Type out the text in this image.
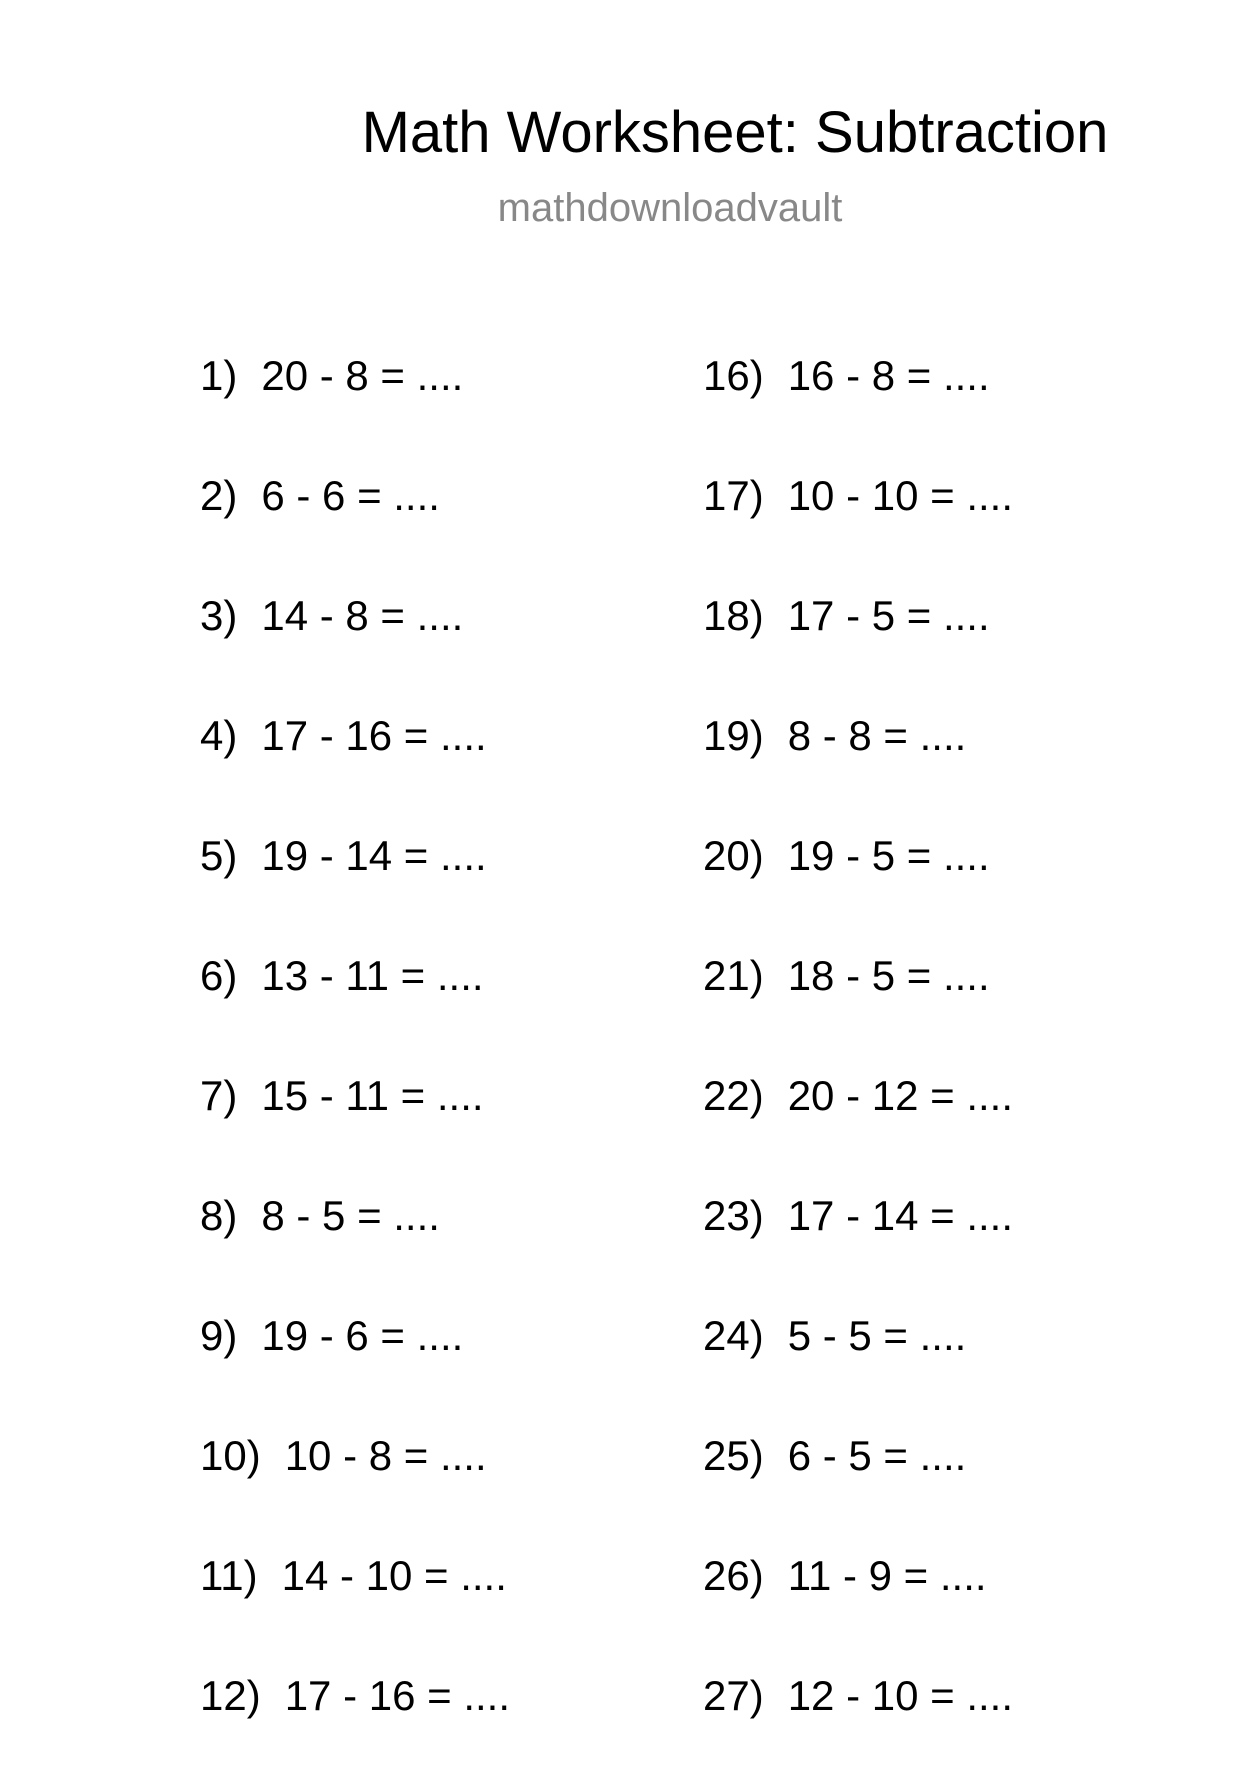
Math Worksheet: Subtraction
mathdownloadvault
1) 20 - 8 = ....
2) 6 - 6 = ....
3) 14 - 8 = ....
4) 17 - 16 = ....
5) 19 - 14 = ....
6) 13 - 11 = ....
7) 15 - 11 = ....
8) 8 - 5 = ....
9) 19 - 6 = ....
10) 10 - 8 = ....
11) 14 - 10 = ....
12) 17 - 16 = ....
16) 16 - 8 = ....
17) 10 - 10 = ....
18) 17 - 5 = ....
19) 8 - 8 = ....
20) 19 - 5 = ....
21) 18 - 5 = ....
22) 20 - 12 = ....
23) 17 - 14 = ....
24) 5 - 5 = ....
25) 6 - 5 = ....
26) 11 - 9 = ....
27) 12 - 10 = ....
